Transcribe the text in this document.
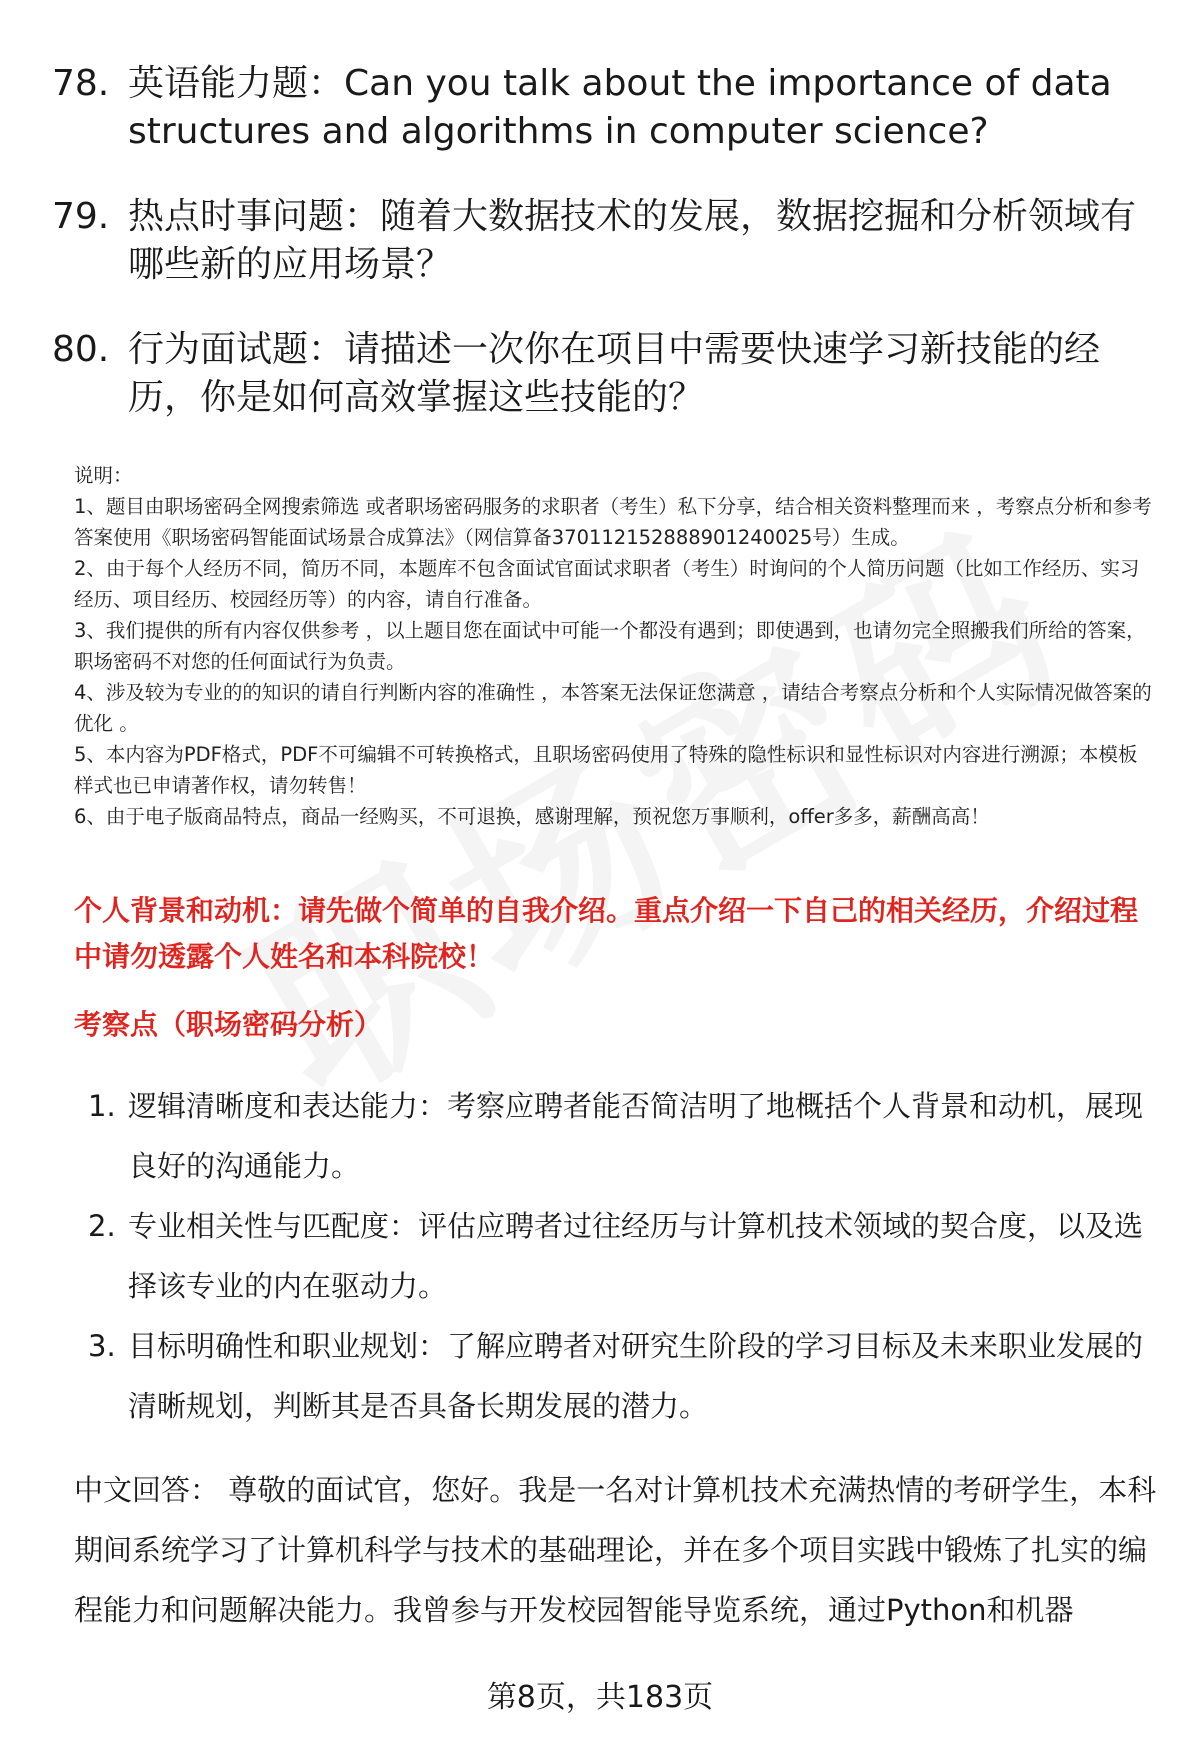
78. 英语能力题：Can you talk about the importance of data structures and algorithms in computer science?
79. 热点时事问题：随着大数据技术的发展，数据挖掘和分析领域有哪些新的应用场景？
80. 行为面试题：请描述一次你在项目中需要快速学习新技能的经历，你是如何高效掌握这些技能的？

说明：

1、题目由职场密码全网搜索筛选 或者职场密码服务的求职者（考生）私下分享，结合相关资料整理而来 ，考察点分析和参考答案使用《职场密码智能面试场景合成算法》（网信算备370112152888901240025号）生成。

2、由于每个人经历不同，简历不同，本题库不包含面试官面试求职者（考生）时询问的个人简历问题（比如工作经历、实习经历、项目经历、校园经历等）的内容，请自行准备。

3、我们提供的所有内容仅供参考 ，以上题目您在面试中可能一个都没有遇到；即使遇到，也请勿完全照搬我们所给的答案，职场密码不对您的任何面试行为负责。

4、涉及较为专业的的知识的请自行判断内容的准确性 ，本答案无法保证您满意 ，请结合考察点分析和个人实际情况做答案的优化 。

5、本内容为PDF格式，PDF不可编辑不可转换格式，且职场密码使用了特殊的隐性标识和显性标识对内容进行溯源；本模板样式也已申请著作权，请勿转售！

6、由于电子版商品特点，商品一经购买，不可退换，感谢理解，预祝您万事顺利，offer多多，薪酬高高！

个人背景和动机：请先做个简单的自我介绍。重点介绍一下自己的相关经历，介绍过程中请勿透露个人姓名和本科院校！
考察点（职场密码分析）
1. 逻辑清晰度和表达能力：考察应聘者能否简洁明了地概括个人背景和动机，展现良好的沟通能力。
2. 专业相关性与匹配度：评估应聘者过往经历与计算机技术领域的契合度，以及选择该专业的内在驱动力。
3. 目标明确性和职业规划：了解应聘者对研究生阶段的学习目标及未来职业发展的清晰规划，判断其是否具备长期发展的潜力。

中文回答： 尊敬的面试官，您好。我是一名对计算机技术充满热情的考研学生，本科期间系统学习了计算机科学与技术的基础理论，并在多个项目实践中锻炼了扎实的编程能力和问题解决能力。我曾参与开发校园智能导览系统，通过Python和机器

第8页，共183页
